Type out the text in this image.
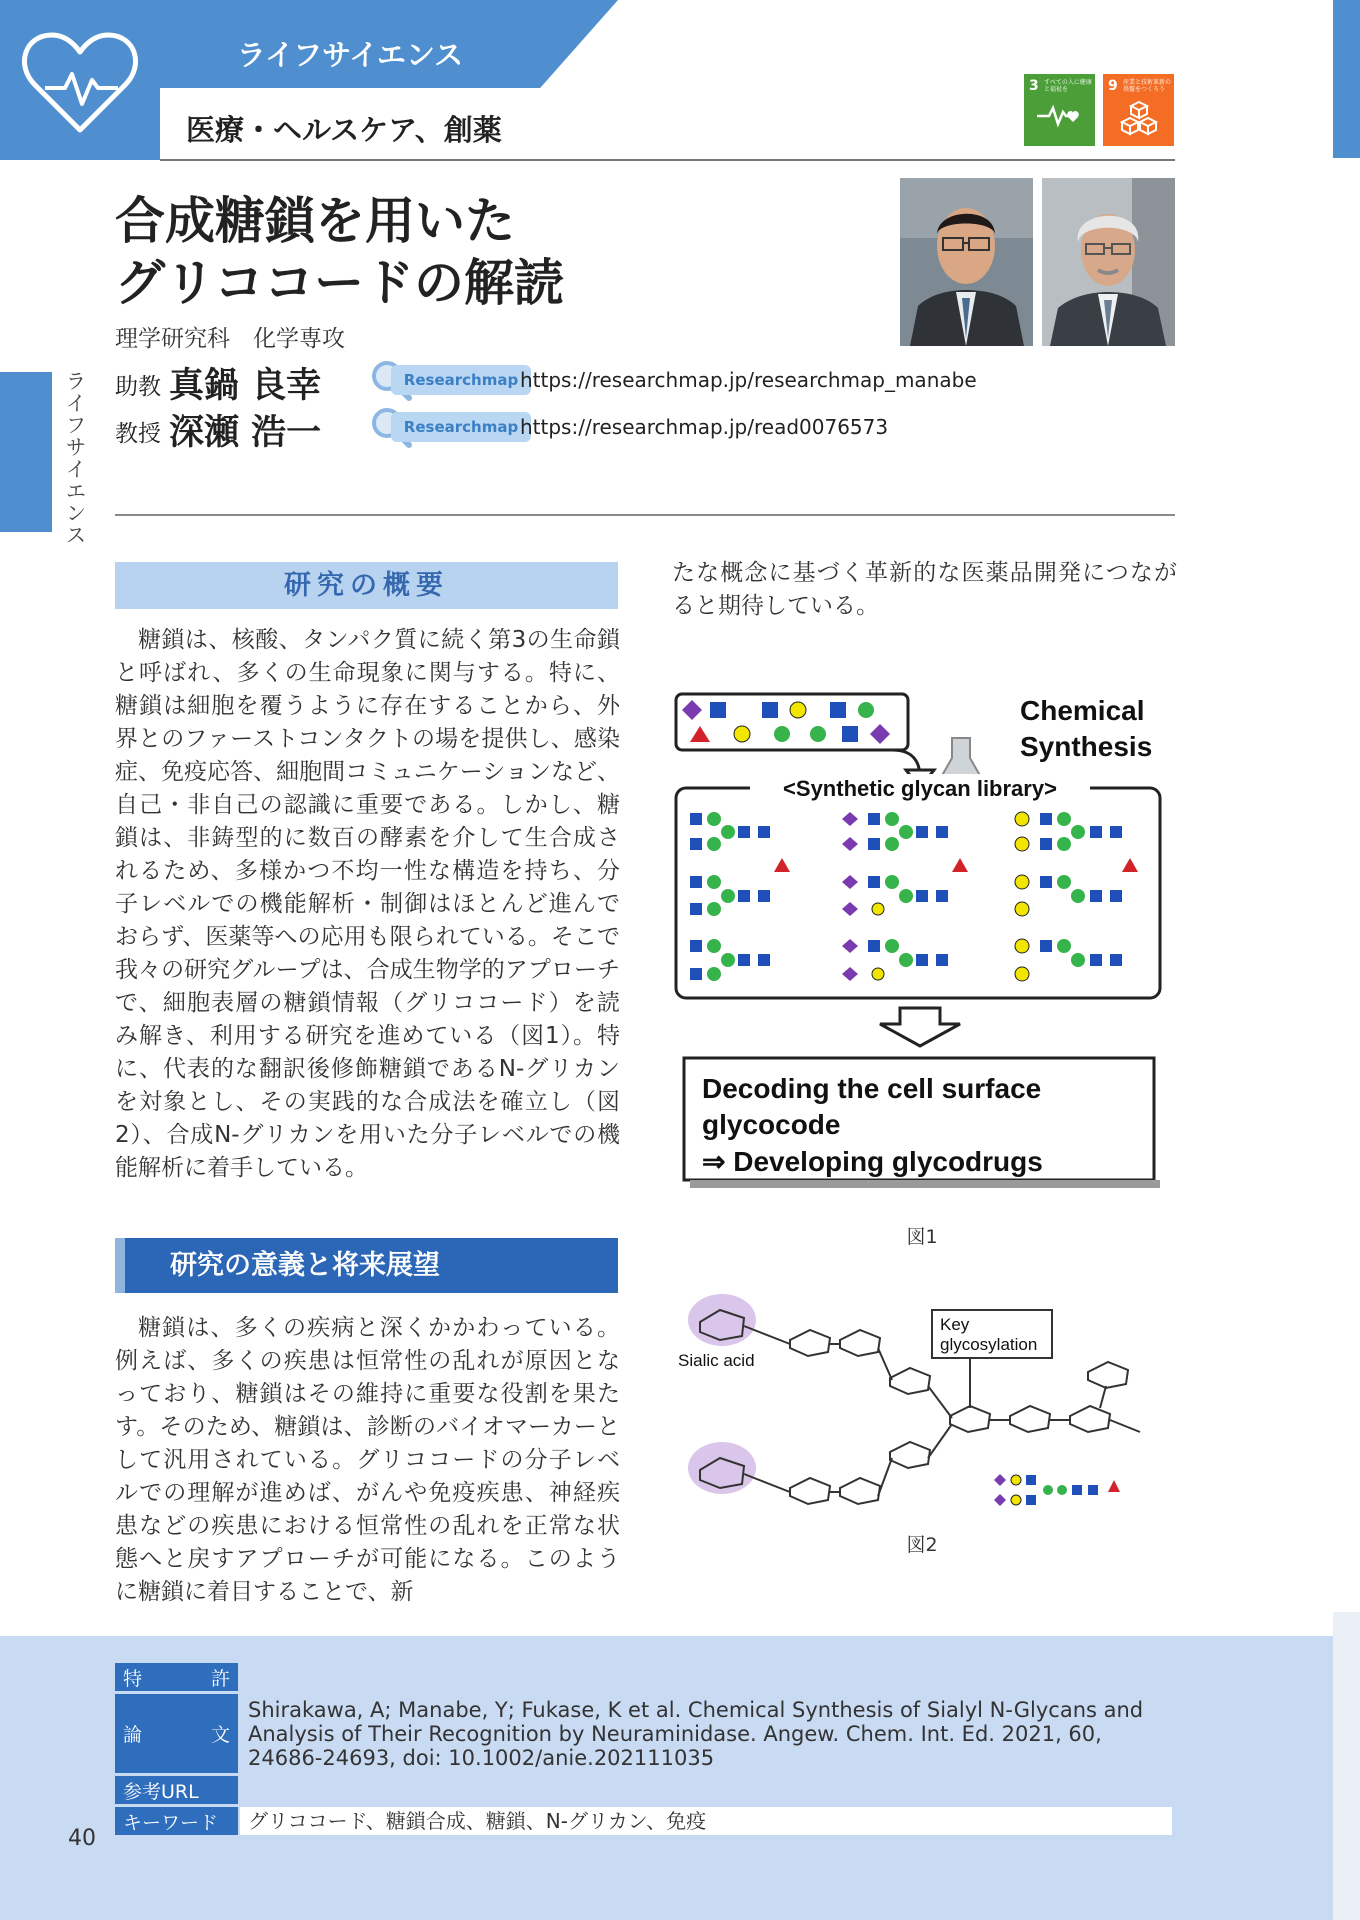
ライフサイエンス
医療・ヘルスケア、創薬
3 すべての人に健康と福祉を	9 産業と技術革新の基盤をつくろう
ライフサイエンス
合成糖鎖を用いた
グリココードの解読
理学研究科　化学専攻
助教 真鍋 良幸	Researchmap https://researchmap.jp/researchmap_manabe
教授 深瀬 浩一	Researchmap https://researchmap.jp/read0076573
研究の概要
糖鎖は、核酸、タンパク質に続く第3の生命鎖と呼ばれ、多くの生命現象に関与する。特に、糖鎖は細胞を覆うように存在することから、外界とのファーストコンタクトの場を提供し、感染症、免疫応答、細胞間コミュニケーションなど、自己・非自己の認識に重要である。しかし、糖鎖は、非鋳型的に数百の酵素を介して生合成されるため、多様かつ不均一性な構造を持ち、分子レベルでの機能解析・制御はほとんど進んでおらず、医薬等への応用も限られている。そこで我々の研究グループは、合成生物学的アプローチで、細胞表層の糖鎖情報（グリココード）を読み解き、利用する研究を進めている（図1）。特に、代表的な翻訳後修飾糖鎖であるN-グリカンを対象とし、その実践的な合成法を確立し（図2）、合成N-グリカンを用いた分子レベルでの機能解析に着手している。
研究の意義と将来展望
糖鎖は、多くの疾病と深くかかわっている。例えば、多くの疾患は恒常性の乱れが原因となっており、糖鎖はその維持に重要な役割を果たす。そのため、糖鎖は、診断のバイオマーカーとして汎用されている。グリココードの分子レベルでの理解が進めば、がんや免疫疾患、神経疾患などの疾患における恒常性の乱れを正常な状態へと戻すアプローチが可能になる。このように糖鎖に着目することで、新
たな概念に基づく革新的な医薬品開発につながると期待している。
Chemical
Synthesis
<Synthetic glycan library>
Decoding the cell surface
glycocode
⇒ Developing glycodrugs
図1
Key
glycosylation
Sialic acid
図2
特	許
論	文
Shirakawa, A; Manabe, Y; Fukase, K et al. Chemical Synthesis of Sialyl N-Glycans and Analysis of Their Recognition by Neuraminidase. Angew. Chem. Int. Ed. 2021, 60, 24686-24693, doi: 10.1002/anie.202111035
参考URL
キーワード	グリココード、糖鎖合成、糖鎖、N-グリカン、免疫
40
